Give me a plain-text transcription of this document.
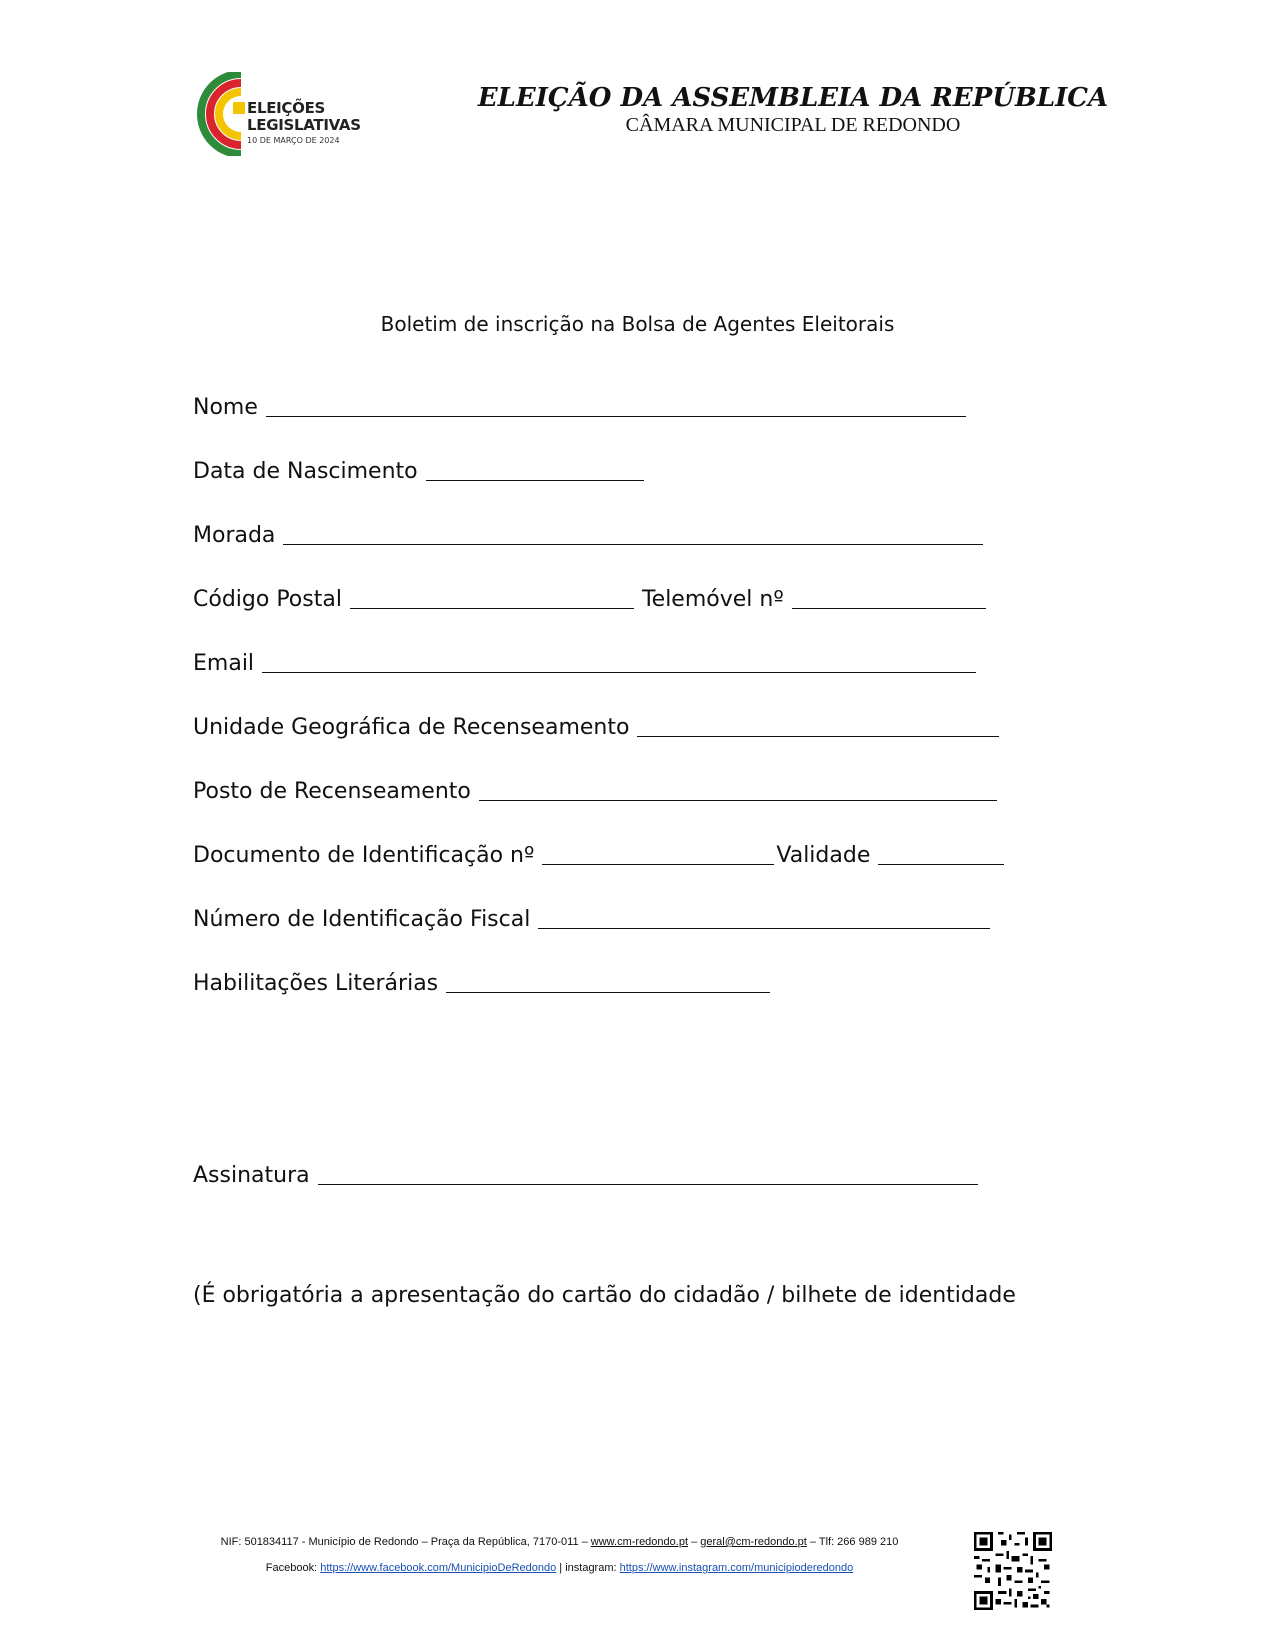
ELEIÇÕES
LEGISLATIVAS
10 DE MARÇO DE 2024
ELEIÇÃO DA ASSEMBLEIA DA REPÚBLICA
CÂMARA MUNICIPAL DE REDONDO
Boletim de inscrição na Bolsa de Agentes Eleitorais
Nome
Data de Nascimento
Morada
Código Postal	Telemóvel nº
Email
Unidade Geográfica de Recenseamento
Posto de Recenseamento
Documento de Identificação nº	Validade
Número de Identificação Fiscal
Habilitações Literárias
Assinatura
(É obrigatória a apresentação do cartão do cidadão / bilhete de identidade
NIF: 501834117 - Município de Redondo – Praça da República, 7170-011 – www.cm-redondo.pt – geral@cm-redondo.pt – Tlf: 266 989 210
Facebook: https://www.facebook.com/MunicipioDeRedondo | instagram: https://www.instagram.com/municipioderedondo
